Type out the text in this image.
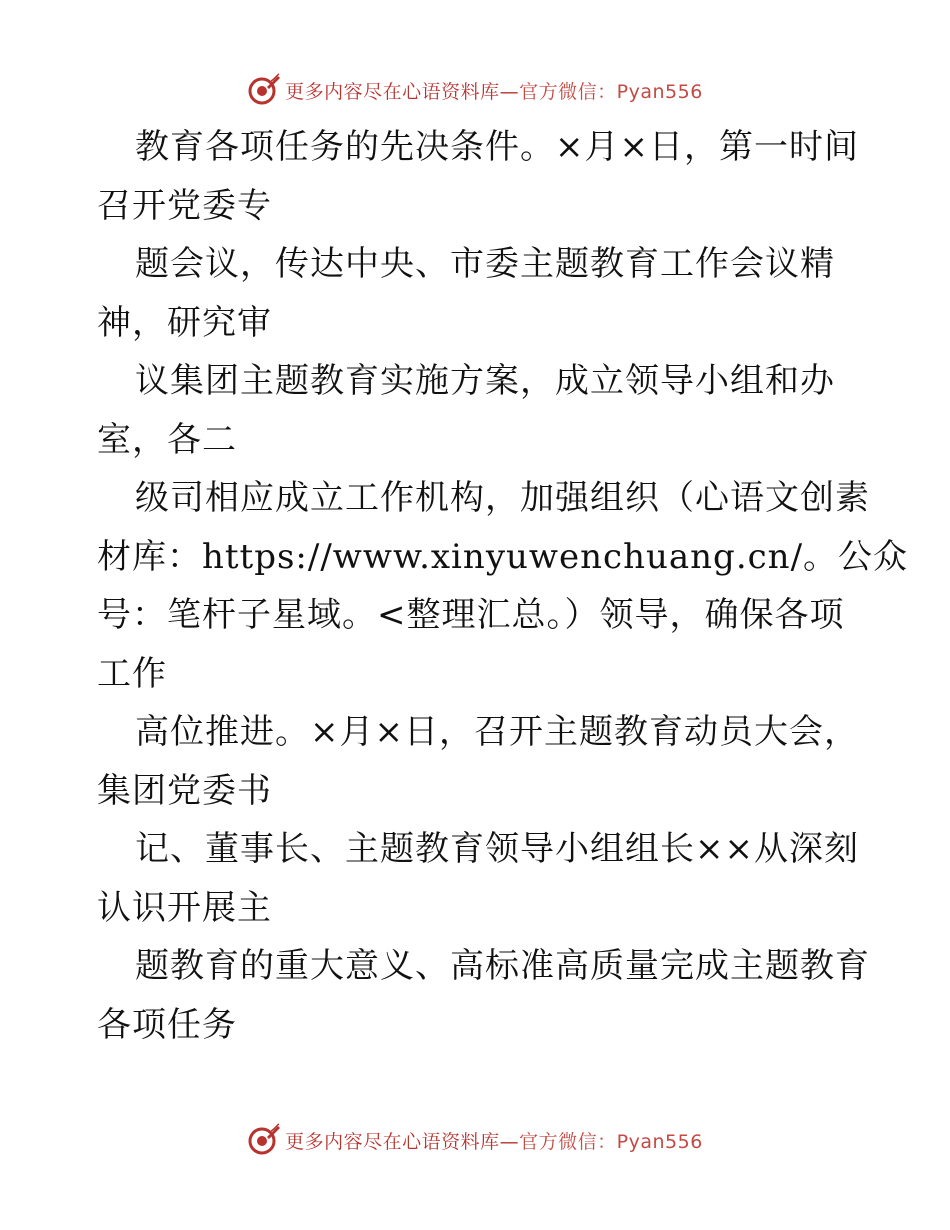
更多内容尽在心语资料库—官方微信：Pyan556
教育各项任务的先决条件。×月×日，第一时间
召开党委专
题会议，传达中央、市委主题教育工作会议精
神，研究审
议集团主题教育实施方案，成立领导小组和办
室，各二
级司相应成立工作机构，加强组织（心语文创素
材库：https://www.xinyuwenchuang.cn/。公众
号：笔杆子星域。<整理汇总。）领导，确保各项
工作
高位推进。×月×日，召开主题教育动员大会，
集团党委书
记、董事长、主题教育领导小组组长××从深刻
认识开展主
题教育的重大意义、高标准高质量完成主题教育
各项任务
更多内容尽在心语资料库—官方微信：Pyan556
